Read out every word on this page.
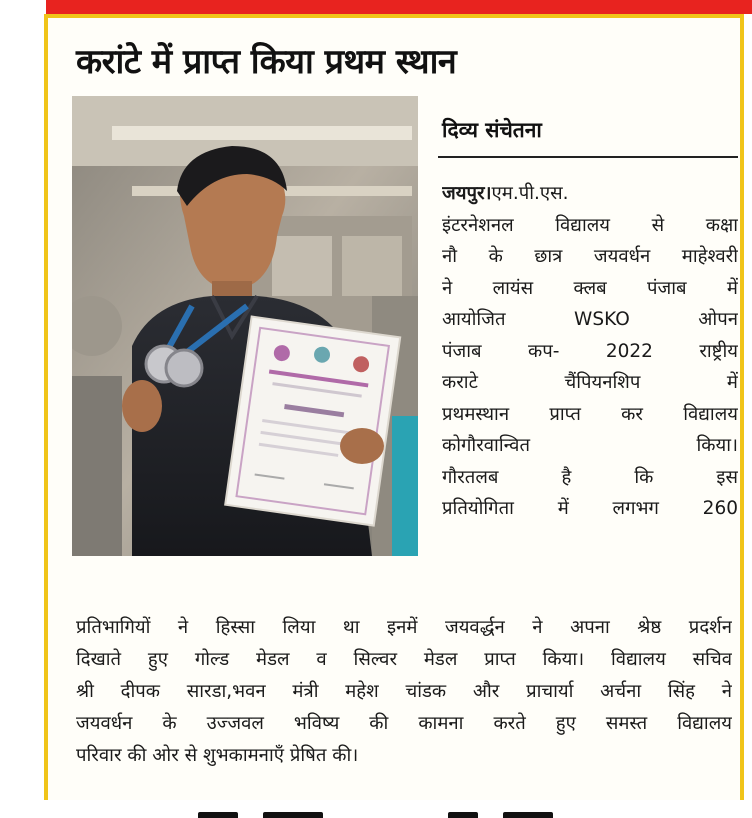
करांटे में प्राप्त किया प्रथम स्थान
दिव्य संचेतना
जयपुर।एम.पी.एस.
इंटरनेशनल विद्यालय से कक्षा
नौ के छात्र जयवर्धन माहेश्वरी
ने लायंस क्लब पंजाब में
आयोजित WSKO ओपन
पंजाब कप- 2022 राष्ट्रीय
कराटे चैंपियनशिप में
प्रथमस्थान प्राप्त कर विद्यालय
कोगौरवान्वित किया।
गौरतलब है कि इस
प्रतियोगिता में लगभग 260
प्रतिभागियों ने हिस्सा लिया था इनमें जयवर्द्धन ने अपना श्रेष्ठ प्रदर्शन
दिखाते हुए गोल्ड मेडल व सिल्वर मेडल प्राप्त किया। विद्यालय सचिव
श्री दीपक सारडा,भवन मंत्री महेश चांडक और प्राचार्या अर्चना सिंह ने
जयवर्धन के उज्जवल भविष्य की कामना करते हुए समस्त विद्यालय
परिवार की ओर से शुभकामनाएँ प्रेषित की।
